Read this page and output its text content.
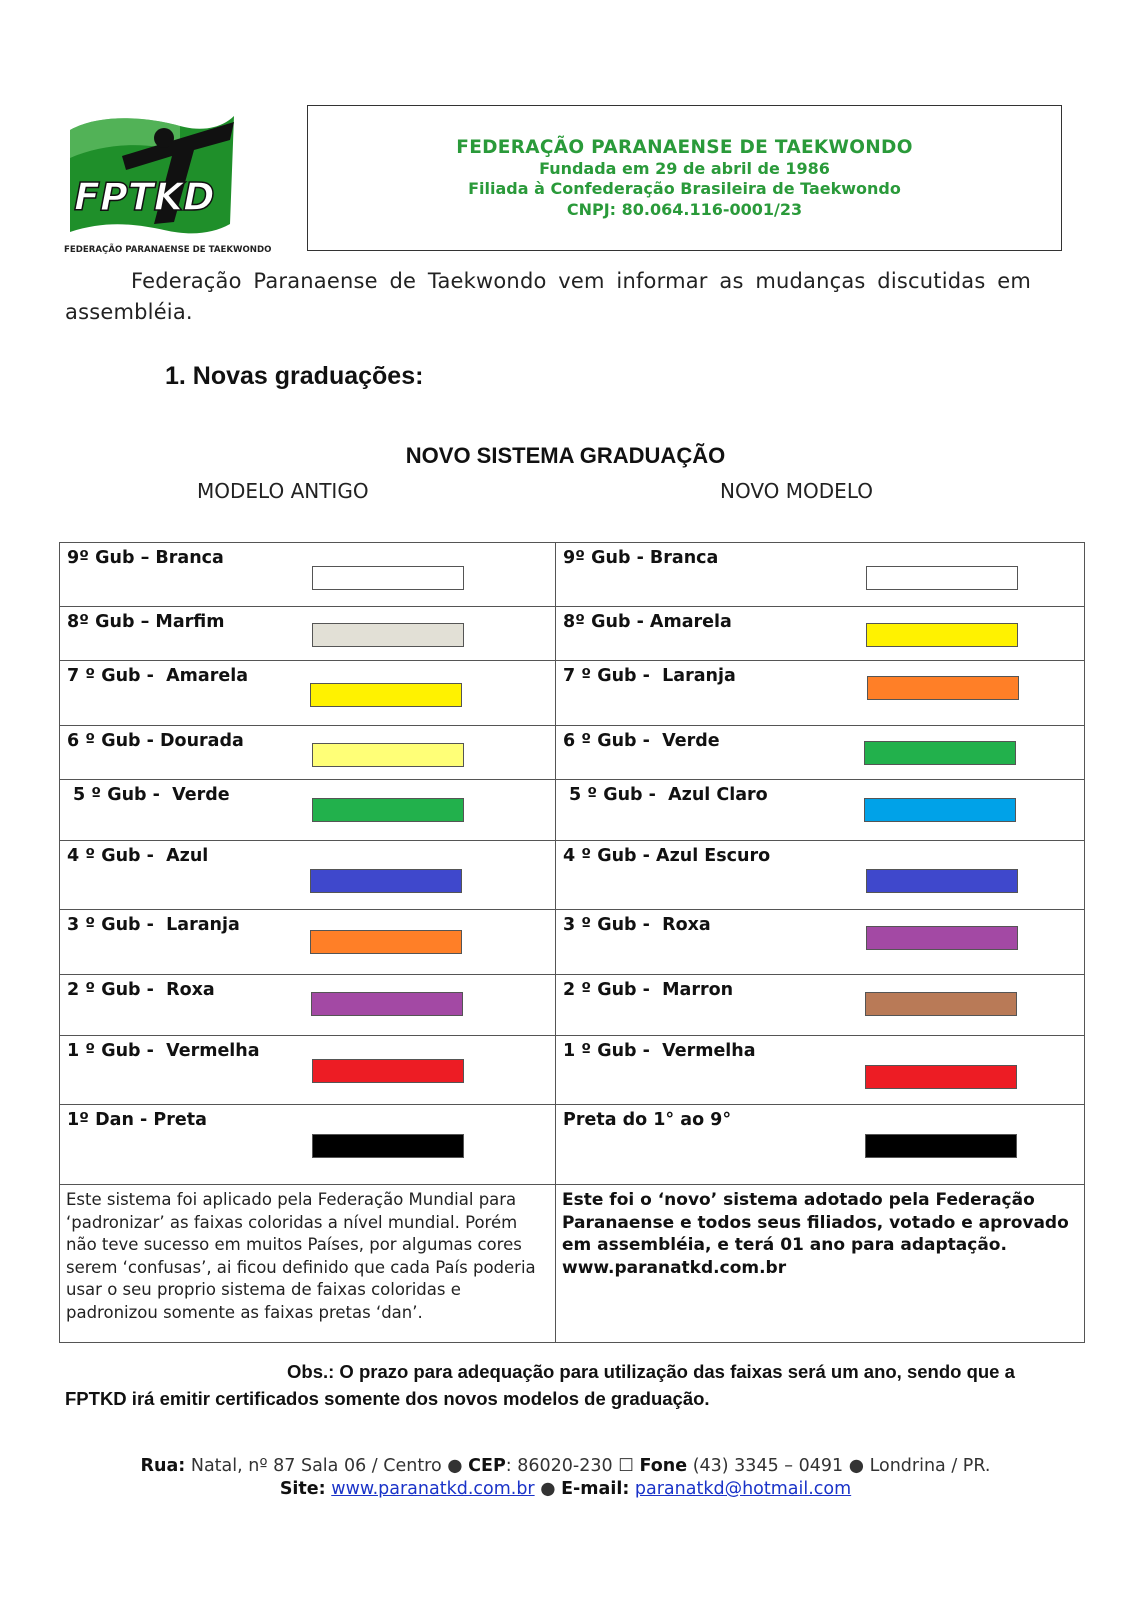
FPTKD
FEDERAÇÃO PARANAENSE DE TAEKWONDO
FEDERAÇÃO PARANAENSE DE TAEKWONDO
Fundada em 29 de abril de 1986
Filiada à Confederação Brasileira de Taekwondo
CNPJ: 80.064.116-0001/23
Federação Paranaense de Taekwondo vem informar as mudanças discutidas em assembléia.
1. Novas graduações:
NOVO SISTEMA GRADUAÇÃO
MODELO ANTIGO	NOVO MODELO
9º Gub – Branca	9º Gub - Branca

8º Gub – Marfim	8º Gub - Amarela

7 º Gub -  Amarela	7 º Gub -  Laranja

6 º Gub - Dourada	6 º Gub -  Verde

5 º Gub -  Verde	5 º Gub -  Azul Claro

4 º Gub -  Azul	4 º Gub - Azul Escuro

3 º Gub -  Laranja	3 º Gub -  Roxa

2 º Gub -  Roxa	2 º Gub -  Marron

1 º Gub -  Vermelha	1 º Gub -  Vermelha

1º Dan - Preta	Preta do 1° ao 9°

Este sistema foi aplicado pela Federação Mundial para ‘padronizar’ as faixas coloridas a nível mundial. Porém não teve sucesso em muitos Países, por algumas cores serem ‘confusas’, ai ficou definido que cada País poderia usar o seu proprio sistema de faixas coloridas e padronizou somente as faixas pretas ‘dan’.	Este foi o ‘novo’ sistema adotado pela Federação Paranaense e todos seus filiados, votado e aprovado em assembléia, e terá 01 ano para adaptação. www.paranatkd.com.br
Obs.: O prazo para adequação para utilização das faixas será um ano, sendo que a FPTKD irá emitir certificados somente dos novos modelos de graduação.
Rua: Natal, nº 87 Sala 06 / Centro ● CEP: 86020-230 ☐ Fone (43) 3345 – 0491 ● Londrina / PR.
Site: www.paranatkd.com.br ● E-mail: paranatkd@hotmail.com
